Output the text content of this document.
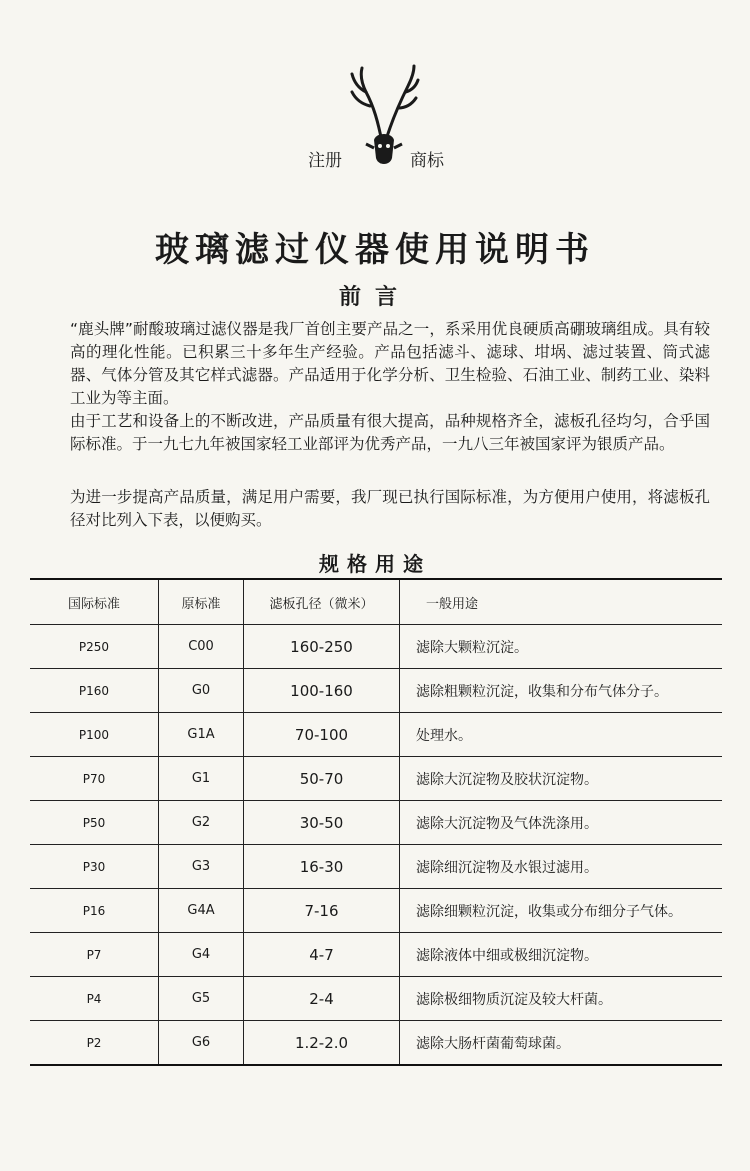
注册	商标
玻璃滤过仪器使用说明书
前言
“鹿头牌”耐酸玻璃过滤仪器是我厂首创主要产品之一，系采用优良硬质高硼玻璃组成。具有较高的理化性能。已积累三十多年生产经验。产品包括滤斗、滤球、坩埚、滤过装置、筒式滤器、气体分管及其它样式滤器。产品适用于化学分析、卫生检验、石油工业、制药工业、染料工业为等主面。
由于工艺和设备上的不断改进，产品质量有很大提高，品种规格齐全，滤板孔径均匀，合乎国际标准。于一九七九年被国家轻工业部评为优秀产品，一九八三年被国家评为银质产品。
为进一步提高产品质量，满足用户需要，我厂现已执行国际标准，为方便用户使用，将滤板孔径对比列入下表，以便购买。
规格用途
国际标准	原标准	滤板孔径（微米）	一般用途
P250	C00	160-250	滤除大颗粒沉淀。
P160	G0	100-160	滤除粗颗粒沉淀，收集和分布气体分子。
P100	G1A	70-100	处理水。
P70	G1	50-70	滤除大沉淀物及胶状沉淀物。
P50	G2	30-50	滤除大沉淀物及气体洗涤用。
P30	G3	16-30	滤除细沉淀物及水银过滤用。
P16	G4A	7-16	滤除细颗粒沉淀，收集或分布细分子气体。
P7	G4	4-7	滤除液体中细或极细沉淀物。
P4	G5	2-4	滤除极细物质沉淀及较大杆菌。
P2	G6	1.2-2.0	滤除大肠杆菌葡萄球菌。
